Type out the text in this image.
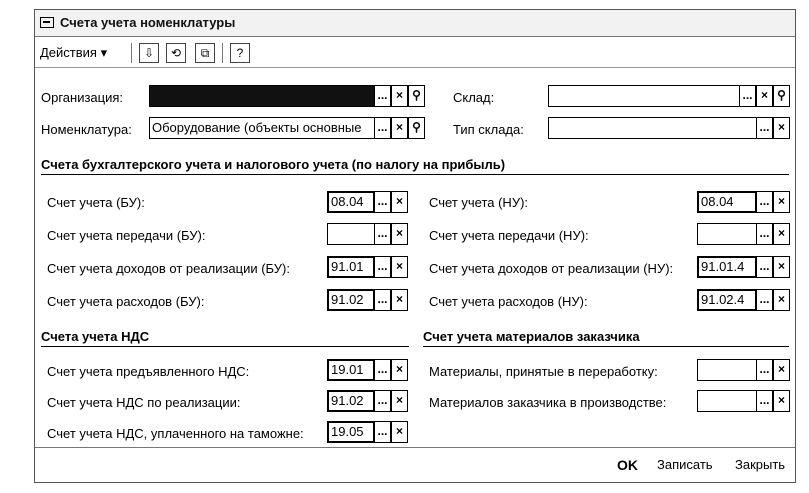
Счета учета номенклатуры
Действия ▾	⇩	⟲	⧉	?
Организация:	... × ⚲	Склад:	... × ⚲
Номенклатура: Оборудование (объекты основные	... × ⚲	Тип склада:	... ×
Счета бухгалтерского учета и налогового учета (по налогу на прибыль)
Счет учета (БУ):	08.04	... ×
Счет учета передачи (БУ):	... ×
Счет учета доходов от реализации (БУ):	91.01	... ×
Счет учета расходов (БУ):	91.02	... ×
Счет учета (НУ):	08.04	... ×
Счет учета передачи (НУ):	... ×
Счет учета доходов от реализации (НУ):	91.01.4	... ×
Счет учета расходов (НУ):	91.02.4	... ×
Счета учета НДС
Счет учета предъявленного НДС:	19.01	... ×
Счет учета НДС по реализации:	91.02	... ×
Счет учета НДС, уплаченного на таможне:	19.05	... ×
Счет учета материалов заказчика
Материалы, принятые в переработку:	... ×
Материалов заказчика в производстве:	... ×
OK Записать Закрыть
